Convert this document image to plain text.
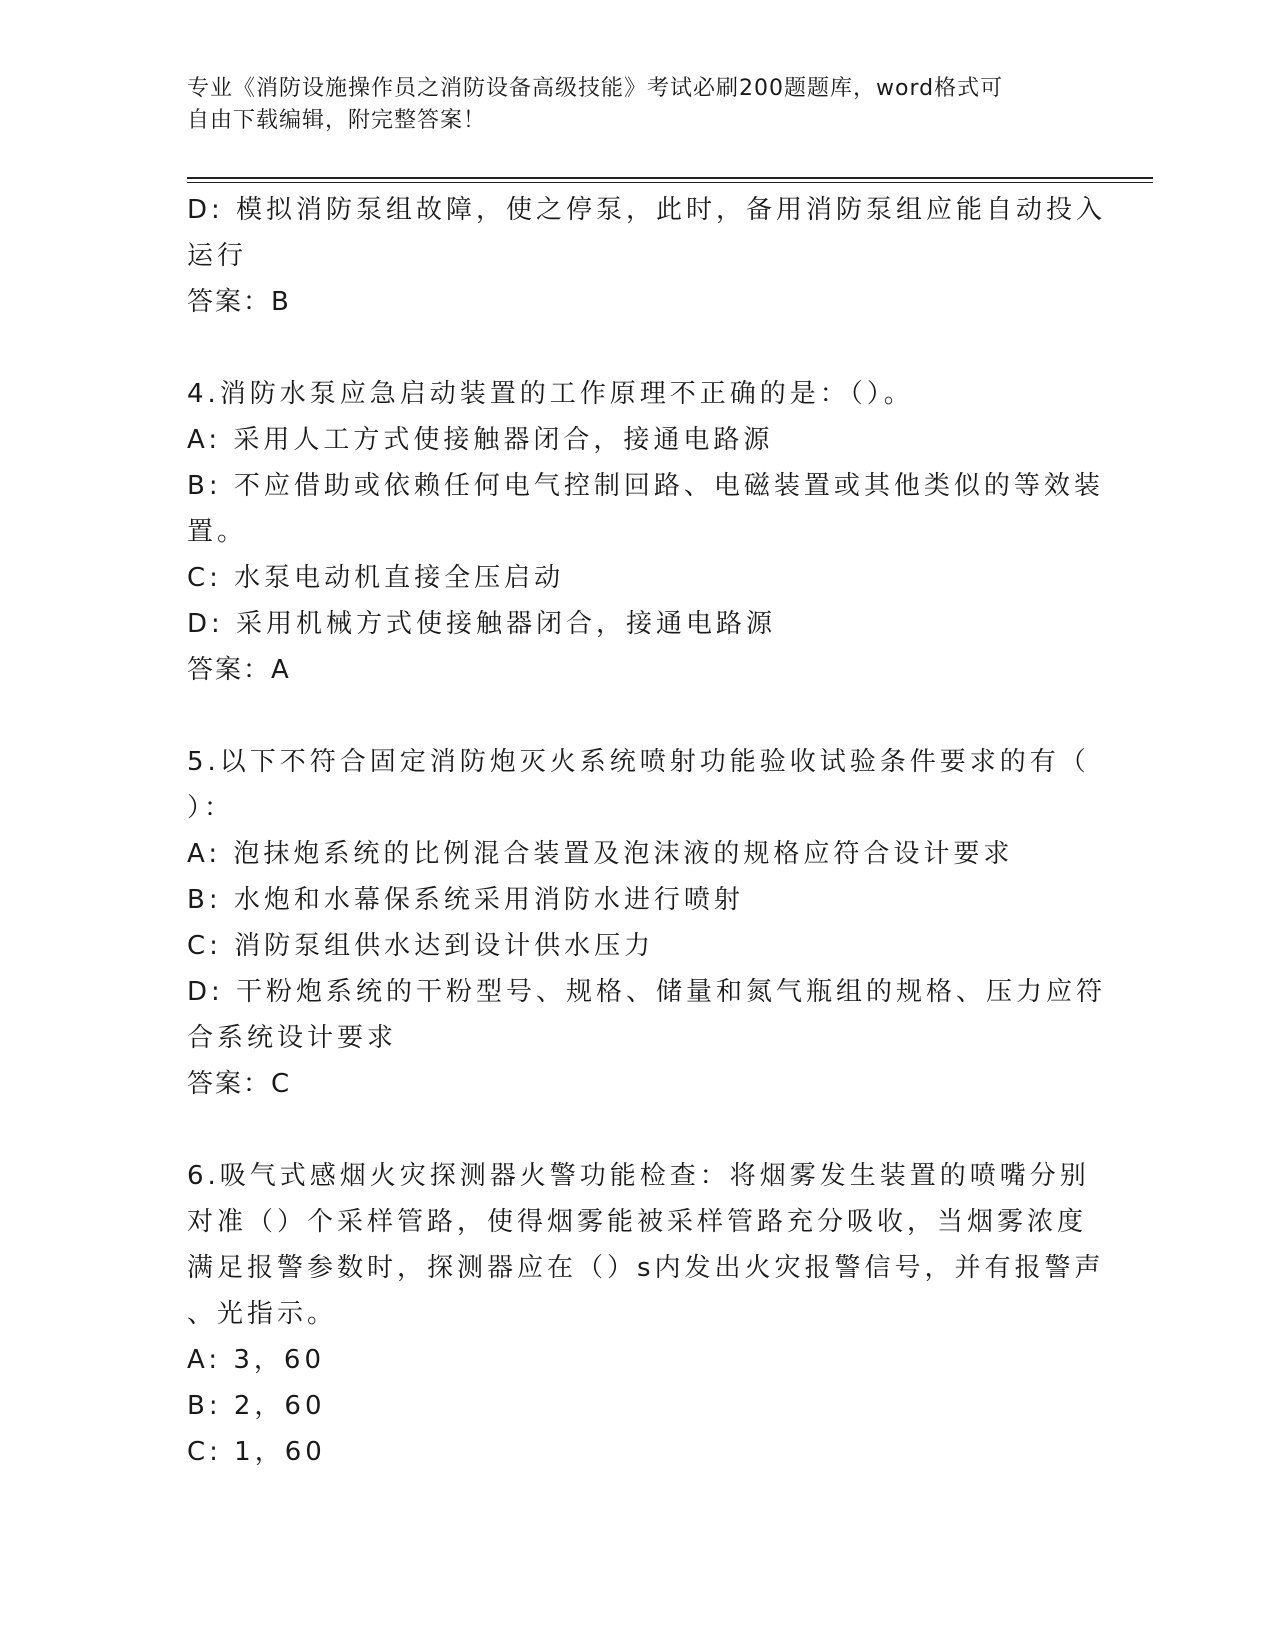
专业《消防设施操作员之消防设备高级技能》考试必刷200题题库，word格式可
自由下载编辑，附完整答案！
D: 模拟消防泵组故障，使之停泵，此时，备用消防泵组应能自动投入
运行
答案：B
4.消防水泵应急启动装置的工作原理不正确的是：（）。
A: 采用人工方式使接触器闭合，接通电路源
B: 不应借助或依赖任何电气控制回路、电磁装置或其他类似的等效装
置。
C: 水泵电动机直接全压启动
D: 采用机械方式使接触器闭合，接通电路源
答案：A
5.以下不符合固定消防炮灭火系统喷射功能验收试验条件要求的有（
）：
A: 泡抹炮系统的比例混合装置及泡沫液的规格应符合设计要求
B: 水炮和水幕保系统采用消防水进行喷射
C: 消防泵组供水达到设计供水压力
D: 干粉炮系统的干粉型号、规格、储量和氮气瓶组的规格、压力应符
合系统设计要求
答案：C
6.吸气式感烟火灾探测器火警功能检查：将烟雾发生装置的喷嘴分别
对准（）个采样管路，使得烟雾能被采样管路充分吸收，当烟雾浓度
满足报警参数时，探测器应在（）s内发出火灾报警信号，并有报警声
、光指示。
A: 3，60
B: 2，60
C: 1，60
